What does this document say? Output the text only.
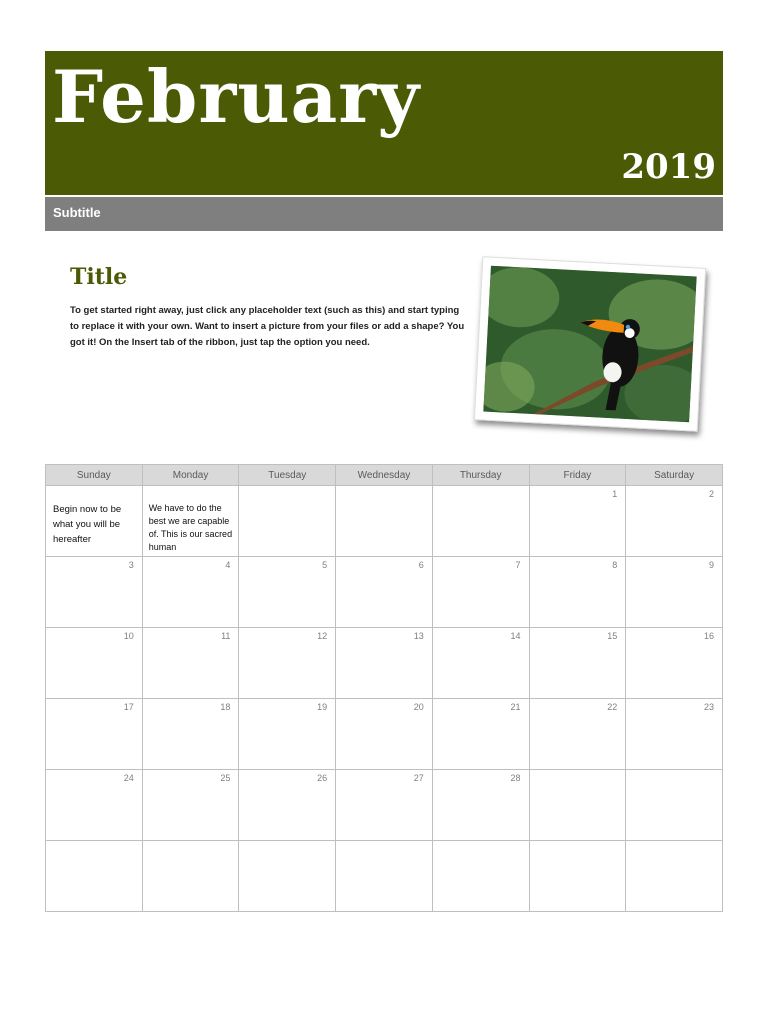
February
2019
Subtitle
Title
To get started right away, just click any placeholder text (such as this) and start typing to replace it with your own. Want to insert a picture from your files or add a shape? You got it! On the Insert tab of the ribbon, just tap the option you need.
Sunday	Monday	Tuesday	Wednesday	Thursday	Friday	Saturday

Begin now to be what you will be hereafter	We have to do the best we are capable of. This is our sacred human				1	2

3	4	5	6	7	8	9

10	11	12	13	14	15	16

17	18	19	20	21	22	23

24	25	26	27	28		
